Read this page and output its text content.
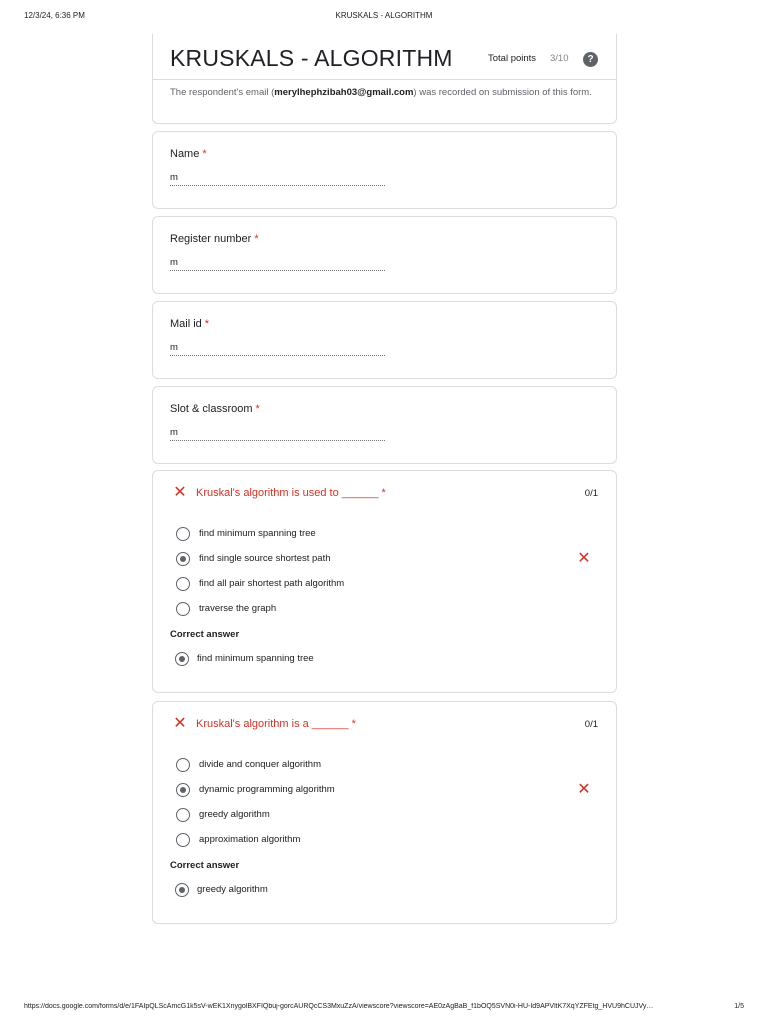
12/3/24, 6:36 PM	KRUSKALS - ALGORITHM
KRUSKALS - ALGORITHM	Total points 3/10	?
The respondent's email (merylhephzibah03@gmail.com) was recorded on submission of this form.
Name *
m
Register number *
m
Mail id *
m
Slot & classroom *
m
✕ Kruskal's algorithm is used to ______ *	0/1
find minimum spanning tree
find single source shortest path	✕
find all pair shortest path algorithm
traverse the graph
Correct answer
find minimum spanning tree
✕ Kruskal's algorithm is a ______ *	0/1
divide and conquer algorithm
dynamic programming algorithm	✕
greedy algorithm
approximation algorithm
Correct answer
greedy algorithm
https://docs.google.com/forms/d/e/1FAIpQLScAmcG1k5sV-wEK1XnygolBXFIQbuj-gorcAURQcCS3MxuZzA/viewscore?viewscore=AE0zAgBaB_f1bOQ5SVN0i-HU-Id9APVltK7XqYZFEtg_HVU9hCUJVy…	1/5
